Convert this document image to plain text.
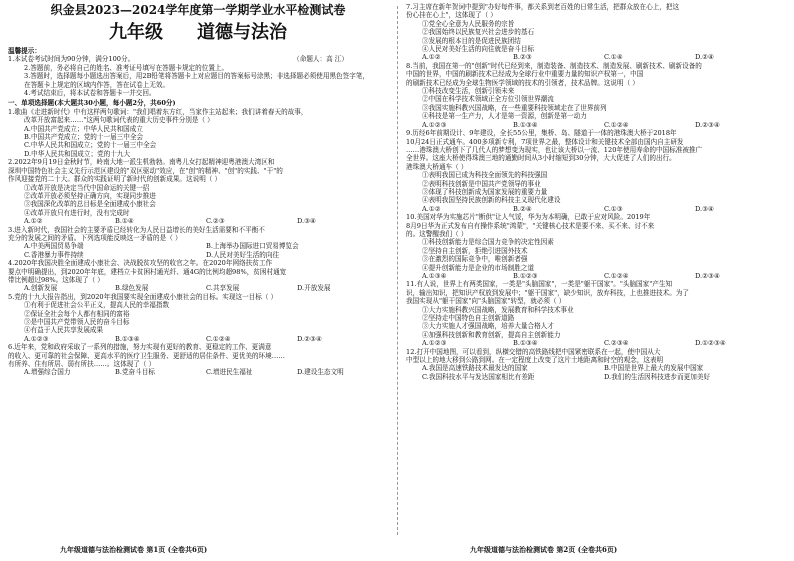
织金县2023—2024学年度第一学期学业水平检测试卷
九年级 道德与法治
温馨提示：
1.本试卷考试时间为90分钟，满分100分。	（命题人：高 江）
2.答题前，务必将自己的姓名、准考证号填写在答题卡规定的位置上。
3.答题时，选择题每小题选出答案后，用2B铅笔将答题卡上对应题目的答案标号涂黑；非选择题必须使用黑色签字笔，
在答题卡上规定的区域内作答，答在试卷上无效。
4.考试结束后，将本试卷和答题卡一并交回。
一、单项选择题(本大题共30小题，每小题2分，共60分)
1.歌曲《走进新时代》中有这样两句歌词："我们唱着东方红，当家作主站起来；我们讲着春天的故事，
改革开放富起来……"这两句歌词代表的重大历史事件分别是（ ）
A.中国共产党成立；中华人民共和国成立
B.中国共产党成立；党的十一届三中全会
C.中华人民共和国成立；党的十一届三中全会
D.中华人民共和国成立；党的十九大
2.2022年9月19日金秋时节，岭南大地一派生机勃勃。南粤儿女打起精神迎粤港澳大湾区和
深圳中国特色社会主义先行示范区建设的"双区驱动"效应，在"创"的精神、"创"的实践、"干"的
作风迎接党的二十大。群众的实践证明了新时代的创新成果。这说明（ ）
①改革开放是决定当代中国命运的关键一招
②改革开放必须坚持正确方向，实现同步推进
③我国深化改革的总目标是全面建成小康社会
④改革开放只有进行时，没有完成时
A.①②	B.①④	C.②③	D.③④
3.进入新时代，我国社会的主要矛盾已经转化为人民日益增长的美好生活需要和不平衡不
充分的发展之间的矛盾。下列选项能反映这一矛盾的是（ ）
A.中美两国贸易争端	B.上海举办国际进口贸易博览会
C.香港暴力事件持续	D.人民对美好生活的向往
4.2020年我国决胜全面建成小康社会、决战脱贫攻坚的收官之年。在2020年网络扶贫工作
要点中明确提出，到2020年年底，建档立卡贫困村通光纤、通4G的比例均超98%，贫困村通宽
带比例超过98%。这体现了（ ）
A.创新发展	B.绿色发展	C.共享发展	D.开放发展
5.党的十九大报告指出，到2020年我国要实现全面建成小康社会的目标。实现这一目标（ ）
①有利于促进社会公平正义，提高人民的幸福指数
②保证全社会每个人都有相同的富裕
③是中国共产党带领人民的奋斗目标
④有益于人民共享发展成果
A.①②③	B.①③④	C.①②④	D.②③④
6.近年来，党和政府采取了一系列的措施，努力实现有更好的教育、更稳定的工作、更满意
的收入、更可靠的社会保障、更高水平的医疗卫生服务、更舒适的居住条件、更优美的环境……
有所养、住有所居、弱有所扶……。这体现了（ ）
A.增强综合国力	B.党奋斗目标	C.增进民生福祉	D.建设生态文明
7.习主席在新年贺词中提到"办好每件事，都关系到老百姓的日常生活，把群众放在心上，把这
份心挂在心上"，这体现了（ ）
①党全心全意为人民服务的宗旨
②我国始终以民族复兴社会进步的基石
③发展的根本目的是促进民族团结
④人民对美好生活的向往就是奋斗目标
A.①②	B.②③	C.①④	D.②④
8.当前，我国在第一的"创新"时代已经到来，制造装备、制造技术、制造发展、刷新技术、刷新设备的
中国的世界，中国的刷新技术已经成为全球行业中重要力量的知识产权第一，中国
的刷新技术已经成为全球生物医学领域的技术的引领者，技术品牌。这说明（ ）
①科技改变生活，创新引领未来
②中国在科学技术领域正全方位引领世界潮流
③我国实施科教兴国战略，在一些重要科技领域走在了世界前列
④科技是第一生产力，人才是第一资源，创新是第一动力
A.①②③	B.①③④	C.①②④	D.②③④
9.历经6年前期设计、9年建设，全长55公里，集桥、岛、隧道于一体的港珠澳大桥于2018年
10月24日正式通车。400多项新专利，7项世界之最，整体设计和关键技术全部由国内自主研发
……港珠澳大桥创下了几代人的梦想变为现实，也让该大桥以一流、120年使用寿命的中国标准被推广
全世界。这座大桥使得珠澳三地的通勤时间从3小时缩短到30分钟，大大促进了人们的出行。
港珠澳大桥通车（ ）
①表明我国已成为科技全面领先的科技强国
②表明科技创新是中国共产党领导的事业
③体现了科技创新成为国家发展的重要力量
④表明我国坚持民族创新的科技主义现代化建设
A.①②	B.②④	C.①③	D.③④
10.美国对华为实施芯片"断供"让人气馁，华为为本明确，已敢于应对风险。2019年
8月9日华为正式发布自有操作系统"鸿蒙"，"关键核心技术是要不来、买不来、讨不来
的。这警醒我们（ ）
①科技创新能力是综合国力竞争的决定性因素
②坚持自主创新，拒绝引进国外技术
③在激烈的国际竞争中，唯创新者强
④提升创新能力是企业的市场制胜之道
A.①③④	B.①②③	C.①②④	D.②③④
11.有人说，世界上有两类国家，一类是"头脑国家"，一类是"躯干国家"。"头脑国家"产生知
识，输出知识，把知识产权放到发展中；"躯干国家"，缺少知识，放弃科技，上也推进技术。为了
我国实现从"躯干国家"向"头脑国家"转型，就必须（ ）
①大力实施科教兴国战略，发展教育和科学技术事业
②坚持走中国特色自主创新道路
③大力实施人才强国战略，培养大量合格人才
④加强科技创新和教育创新，提高自主创新能力
A.①②③	B.①③④	C.②③④	D.①②③④
12.打开中国地图，可以看到，纵横交错的高铁路线把中国紧密联系在一起，使中国从大
中型以上的地大移到公路到网。在一定程度上改变了这片土地距离和时空的观念，这表明
A.我国是高速铁路技术最发达的国家	B.中国是世界上最大的发展中国家
C.我国科技水平与发达国家相比有差距	D.我们的生活因科技进步而更加美好
九年级道德与法治检测试卷 第1页 (全卷共6页)	九年级道德与法治检测试卷 第2页 (全卷共6页)
